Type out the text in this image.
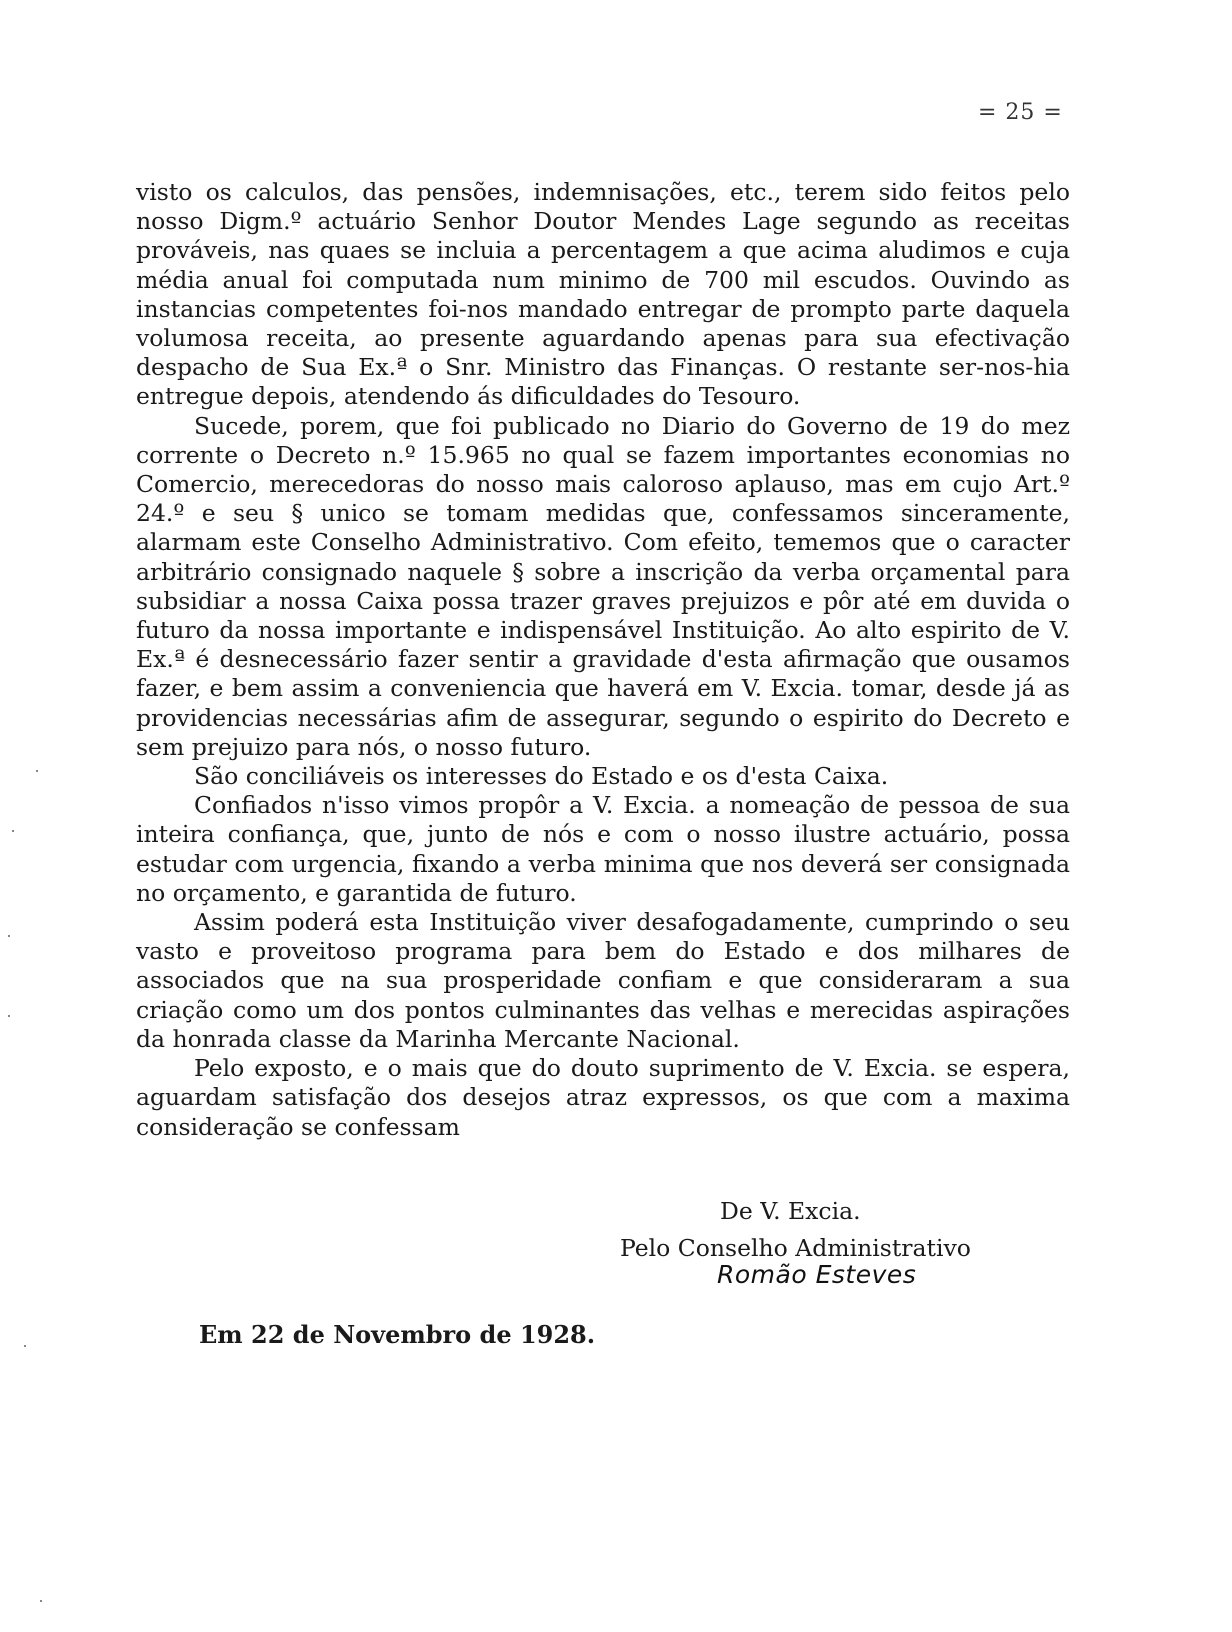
= 25 =

visto os calculos, das pensões, indemnisações, etc., terem sido feitos pelo nosso Digm.º actuário Senhor Doutor Mendes Lage segundo as receitas prováveis, nas quaes se incluia a percentagem a que acima aludimos e cuja média anual foi computada num minimo de 700 mil escudos. Ouvindo as instancias competentes foi-nos mandado entregar de prompto parte daquela volumosa receita, ao presente aguardando apenas para sua efectivação despacho de Sua Ex.ª o Snr. Ministro das Finanças. O restante ser-nos-hia entregue depois, atendendo ás dificuldades do Tesouro.

Sucede, porem, que foi publicado no Diario do Governo de 19 do mez corrente o Decreto n.º 15.965 no qual se fazem importantes economias no Comercio, merecedoras do nosso mais caloroso aplauso, mas em cujo Art.º 24.º e seu § unico se tomam medidas que, confessamos sinceramente, alarmam este Conselho Administrativo. Com efeito, tememos que o caracter arbitrário consignado naquele § sobre a inscrição da verba orçamental para subsidiar a nossa Caixa possa trazer graves prejuizos e pôr até em duvida o futuro da nossa importante e indispensável Instituição. Ao alto espirito de V. Ex.ª é desnecessário fazer sentir a gravidade d'esta afirmação que ousamos fazer, e bem assim a conveniencia que haverá em V. Excia. tomar, desde já as providencias necessárias afim de assegurar, segundo o espirito do Decreto e sem prejuizo para nós, o nosso futuro.

São conciliáveis os interesses do Estado e os d'esta Caixa.

Confiados n'isso vimos propôr a V. Excia. a nomeação de pessoa de sua inteira confiança, que, junto de nós e com o nosso ilustre actuário, possa estudar com urgencia, fixando a verba minima que nos deverá ser consignada no orçamento, e garantida de futuro.

Assim poderá esta Instituição viver desafogadamente, cumprindo o seu vasto e proveitoso programa para bem do Estado e dos milhares de associados que na sua prosperidade confiam e que consideraram a sua criação como um dos pontos culminantes das velhas e merecidas aspirações da honrada classe da Marinha Mercante Nacional.

Pelo exposto, e o mais que do douto suprimento de V. Excia. se espera, aguardam satisfação dos desejos atraz expressos, os que com a maxima consideração se confessam

De V. Excia.
Pelo Conselho Administrativo
Romão Esteves
Em 22 de Novembro de 1928.
